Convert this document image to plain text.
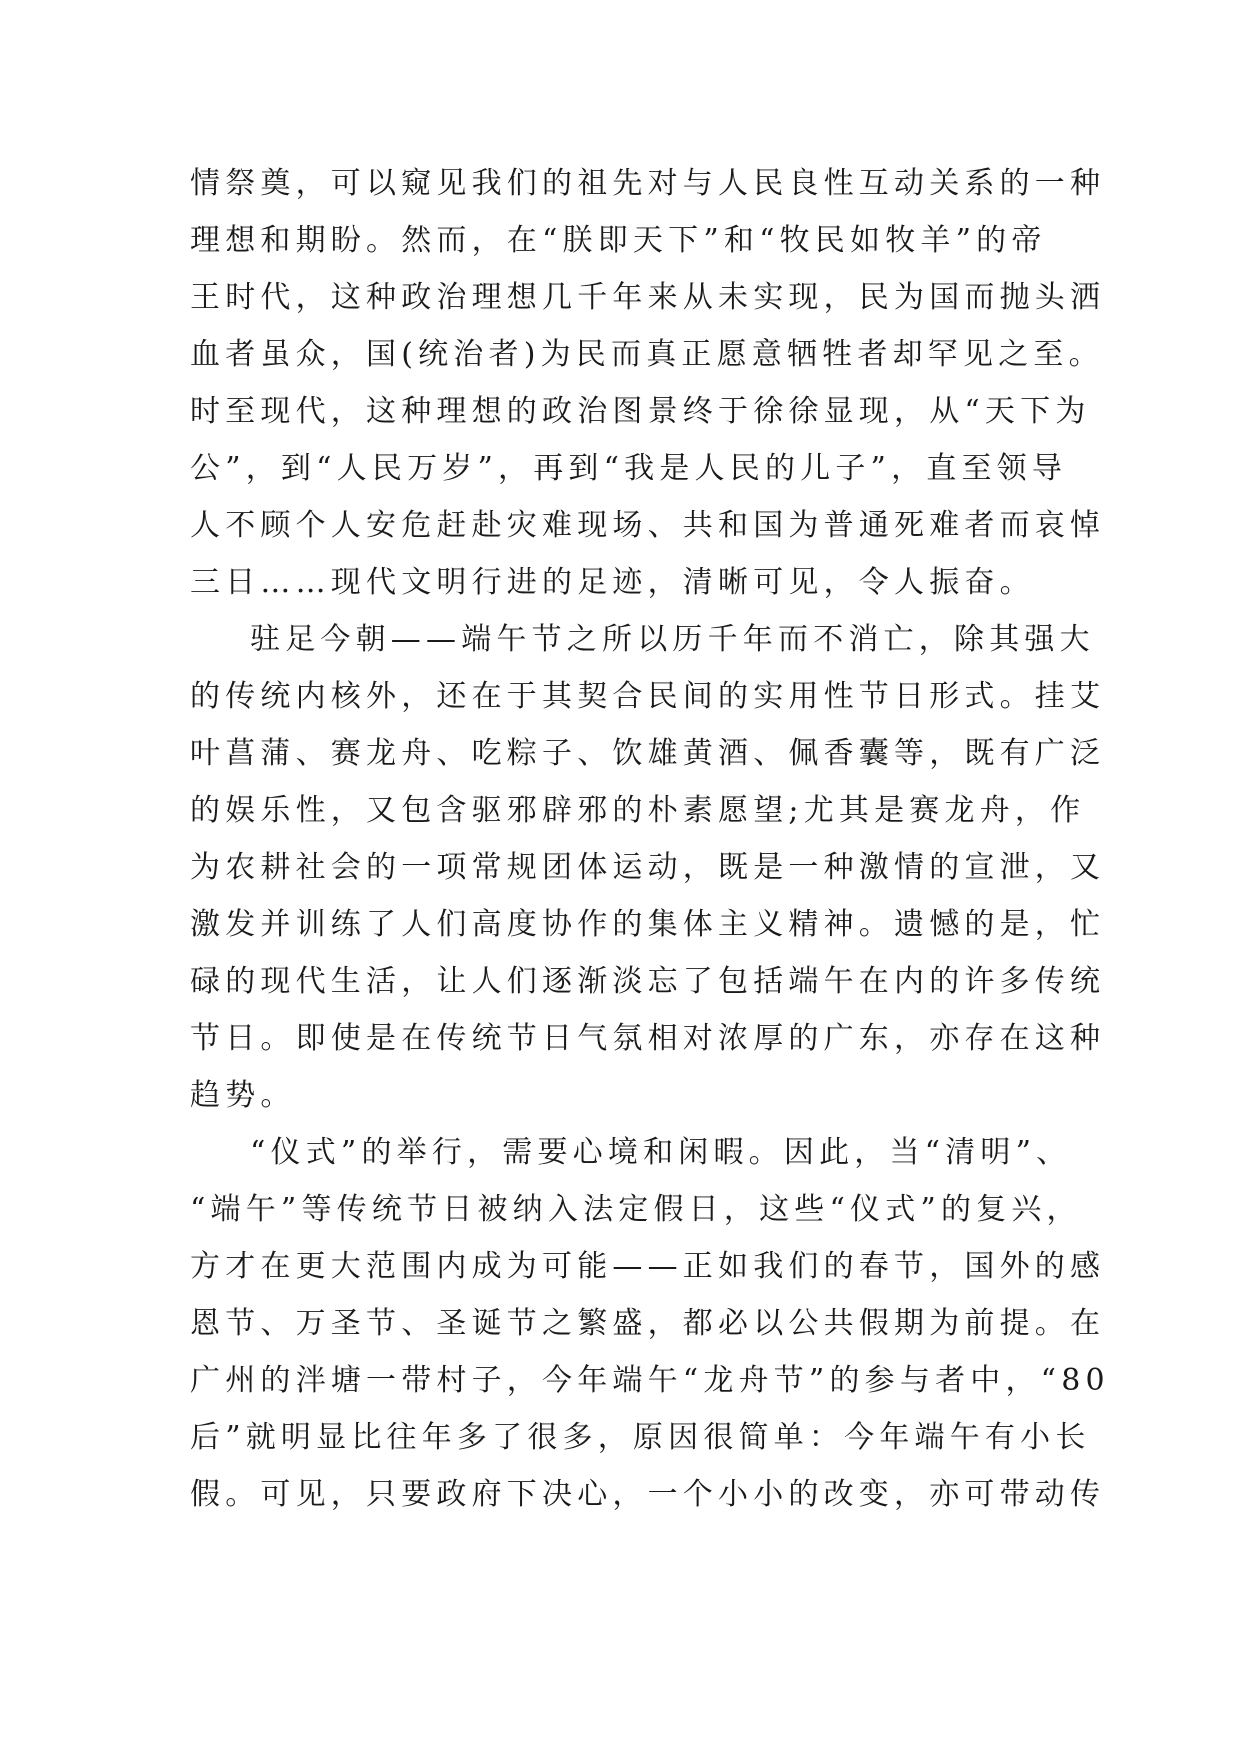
情祭奠，可以窥见我们的祖先对与人民良性互动关系的一种
理想和期盼。然而，在“朕即天下”和“牧民如牧羊”的帝
王时代，这种政治理想几千年来从未实现，民为国而抛头洒
血者虽众，国(统治者)为民而真正愿意牺牲者却罕见之至。
时至现代，这种理想的政治图景终于徐徐显现，从“天下为
公”，到“人民万岁”，再到“我是人民的儿子”，直至领导
人不顾个人安危赶赴灾难现场、共和国为普通死难者而哀悼
三日……现代文明行进的足迹，清晰可见，令人振奋。
驻足今朝——端午节之所以历千年而不消亡，除其强大
的传统内核外，还在于其契合民间的实用性节日形式。挂艾
叶菖蒲、赛龙舟、吃粽子、饮雄黄酒、佩香囊等，既有广泛
的娱乐性，又包含驱邪辟邪的朴素愿望;尤其是赛龙舟，作
为农耕社会的一项常规团体运动，既是一种激情的宣泄，又
激发并训练了人们高度协作的集体主义精神。遗憾的是，忙
碌的现代生活，让人们逐渐淡忘了包括端午在内的许多传统
节日。即使是在传统节日气氛相对浓厚的广东，亦存在这种
趋势。
“仪式”的举行，需要心境和闲暇。因此，当“清明”、
“端午”等传统节日被纳入法定假日，这些“仪式”的复兴，
方才在更大范围内成为可能——正如我们的春节，国外的感
恩节、万圣节、圣诞节之繁盛，都必以公共假期为前提。在
广州的泮塘一带村子，今年端午“龙舟节”的参与者中，“80
后”就明显比往年多了很多，原因很简单：今年端午有小长
假。可见，只要政府下决心，一个小小的改变，亦可带动传
